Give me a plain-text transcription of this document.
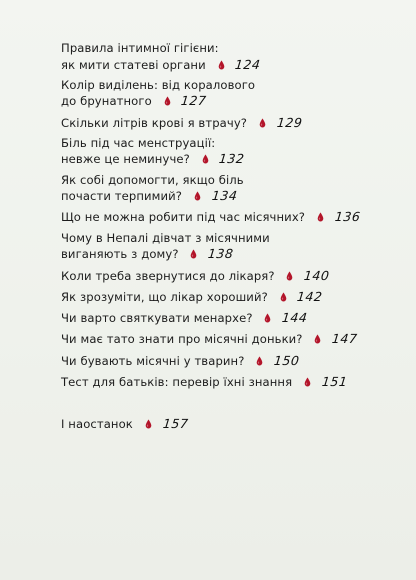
Правила інтимної гігієни:
як мити статеві органи 124
Колір виділень: від коралового
до брунатного 127
Скільки літрів крові я втрачу? 129
Біль під час менструації:
невже це неминуче? 132
Як собі допомогти, якщо біль
почасти терпимий? 134
Що не можна робити під час місячних? 136
Чому в Непалі дівчат з місячними
виганяють з дому? 138
Коли треба звернутися до лікаря? 140
Як зрозуміти, що лікар хороший? 142
Чи варто святкувати менархе? 144
Чи має тато знати про місячні доньки? 147
Чи бувають місячні у тварин? 150
Тест для батьків: перевір їхні знання 151
І наостанок 157
